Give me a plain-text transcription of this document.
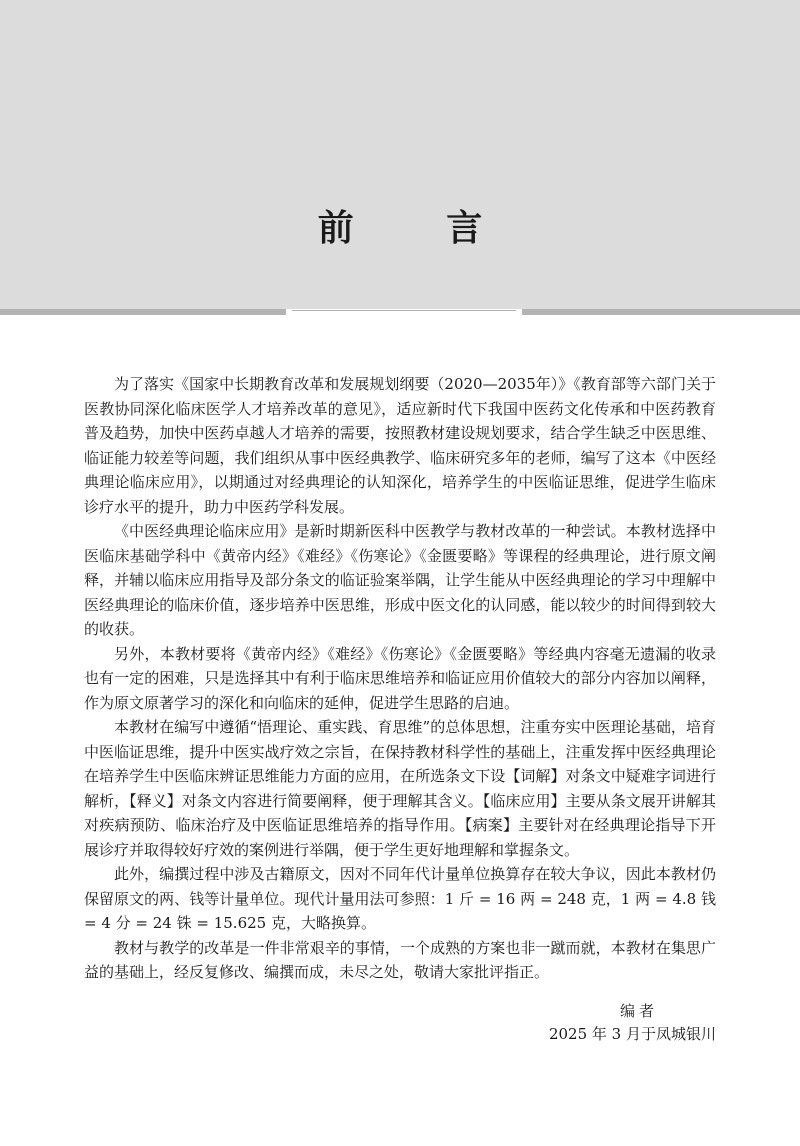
前 言

为了落实《国家中长期教育改革和发展规划纲要（2020—2035年）》《教育部等六部门关于医教协同深化临床医学人才培养改革的意见》，适应新时代下我国中医药文化传承和中医药教育普及趋势，加快中医药卓越人才培养的需要，按照教材建设规划要求，结合学生缺乏中医思维、临证能力较差等问题，我们组织从事中医经典教学、临床研究多年的老师，编写了这本《中医经典理论临床应用》，以期通过对经典理论的认知深化，培养学生的中医临证思维，促进学生临床诊疗水平的提升，助力中医药学科发展。

《中医经典理论临床应用》是新时期新医科中医教学与教材改革的一种尝试。本教材选择中医临床基础学科中《黄帝内经》《难经》《伤寒论》《金匮要略》等课程的经典理论，进行原文阐释，并辅以临床应用指导及部分条文的临证验案举隅，让学生能从中医经典理论的学习中理解中医经典理论的临床价值，逐步培养中医思维，形成中医文化的认同感，能以较少的时间得到较大的收获。

另外，本教材要将《黄帝内经》《难经》《伤寒论》《金匮要略》等经典内容毫无遗漏的收录也有一定的困难，只是选择其中有利于临床思维培养和临证应用价值较大的部分内容加以阐释，作为原文原著学习的深化和向临床的延伸，促进学生思路的启迪。

本教材在编写中遵循“悟理论、重实践、育思维”的总体思想，注重夯实中医理论基础，培育中医临证思维，提升中医实战疗效之宗旨，在保持教材科学性的基础上，注重发挥中医经典理论在培养学生中医临床辨证思维能力方面的应用，在所选条文下设【词解】对条文中疑难字词进行解析，【释义】对条文内容进行简要阐释，便于理解其含义。【临床应用】主要从条文展开讲解其对疾病预防、临床治疗及中医临证思维培养的指导作用。【病案】主要针对在经典理论指导下开展诊疗并取得较好疗效的案例进行举隅，便于学生更好地理解和掌握条文。

此外，编撰过程中涉及古籍原文，因对不同年代计量单位换算存在较大争议，因此本教材仍保留原文的两、钱等计量单位。现代计量用法可参照：1 斤 = 16 两 = 248 克，1 两 = 4.8 钱 = 4 分 = 24 铢 = 15.625 克，大略换算。

教材与教学的改革是一件非常艰辛的事情，一个成熟的方案也非一蹴而就，本教材在集思广益的基础上，经反复修改、编撰而成，未尽之处，敬请大家批评指正。

编者
2025 年 3 月于凤城银川
